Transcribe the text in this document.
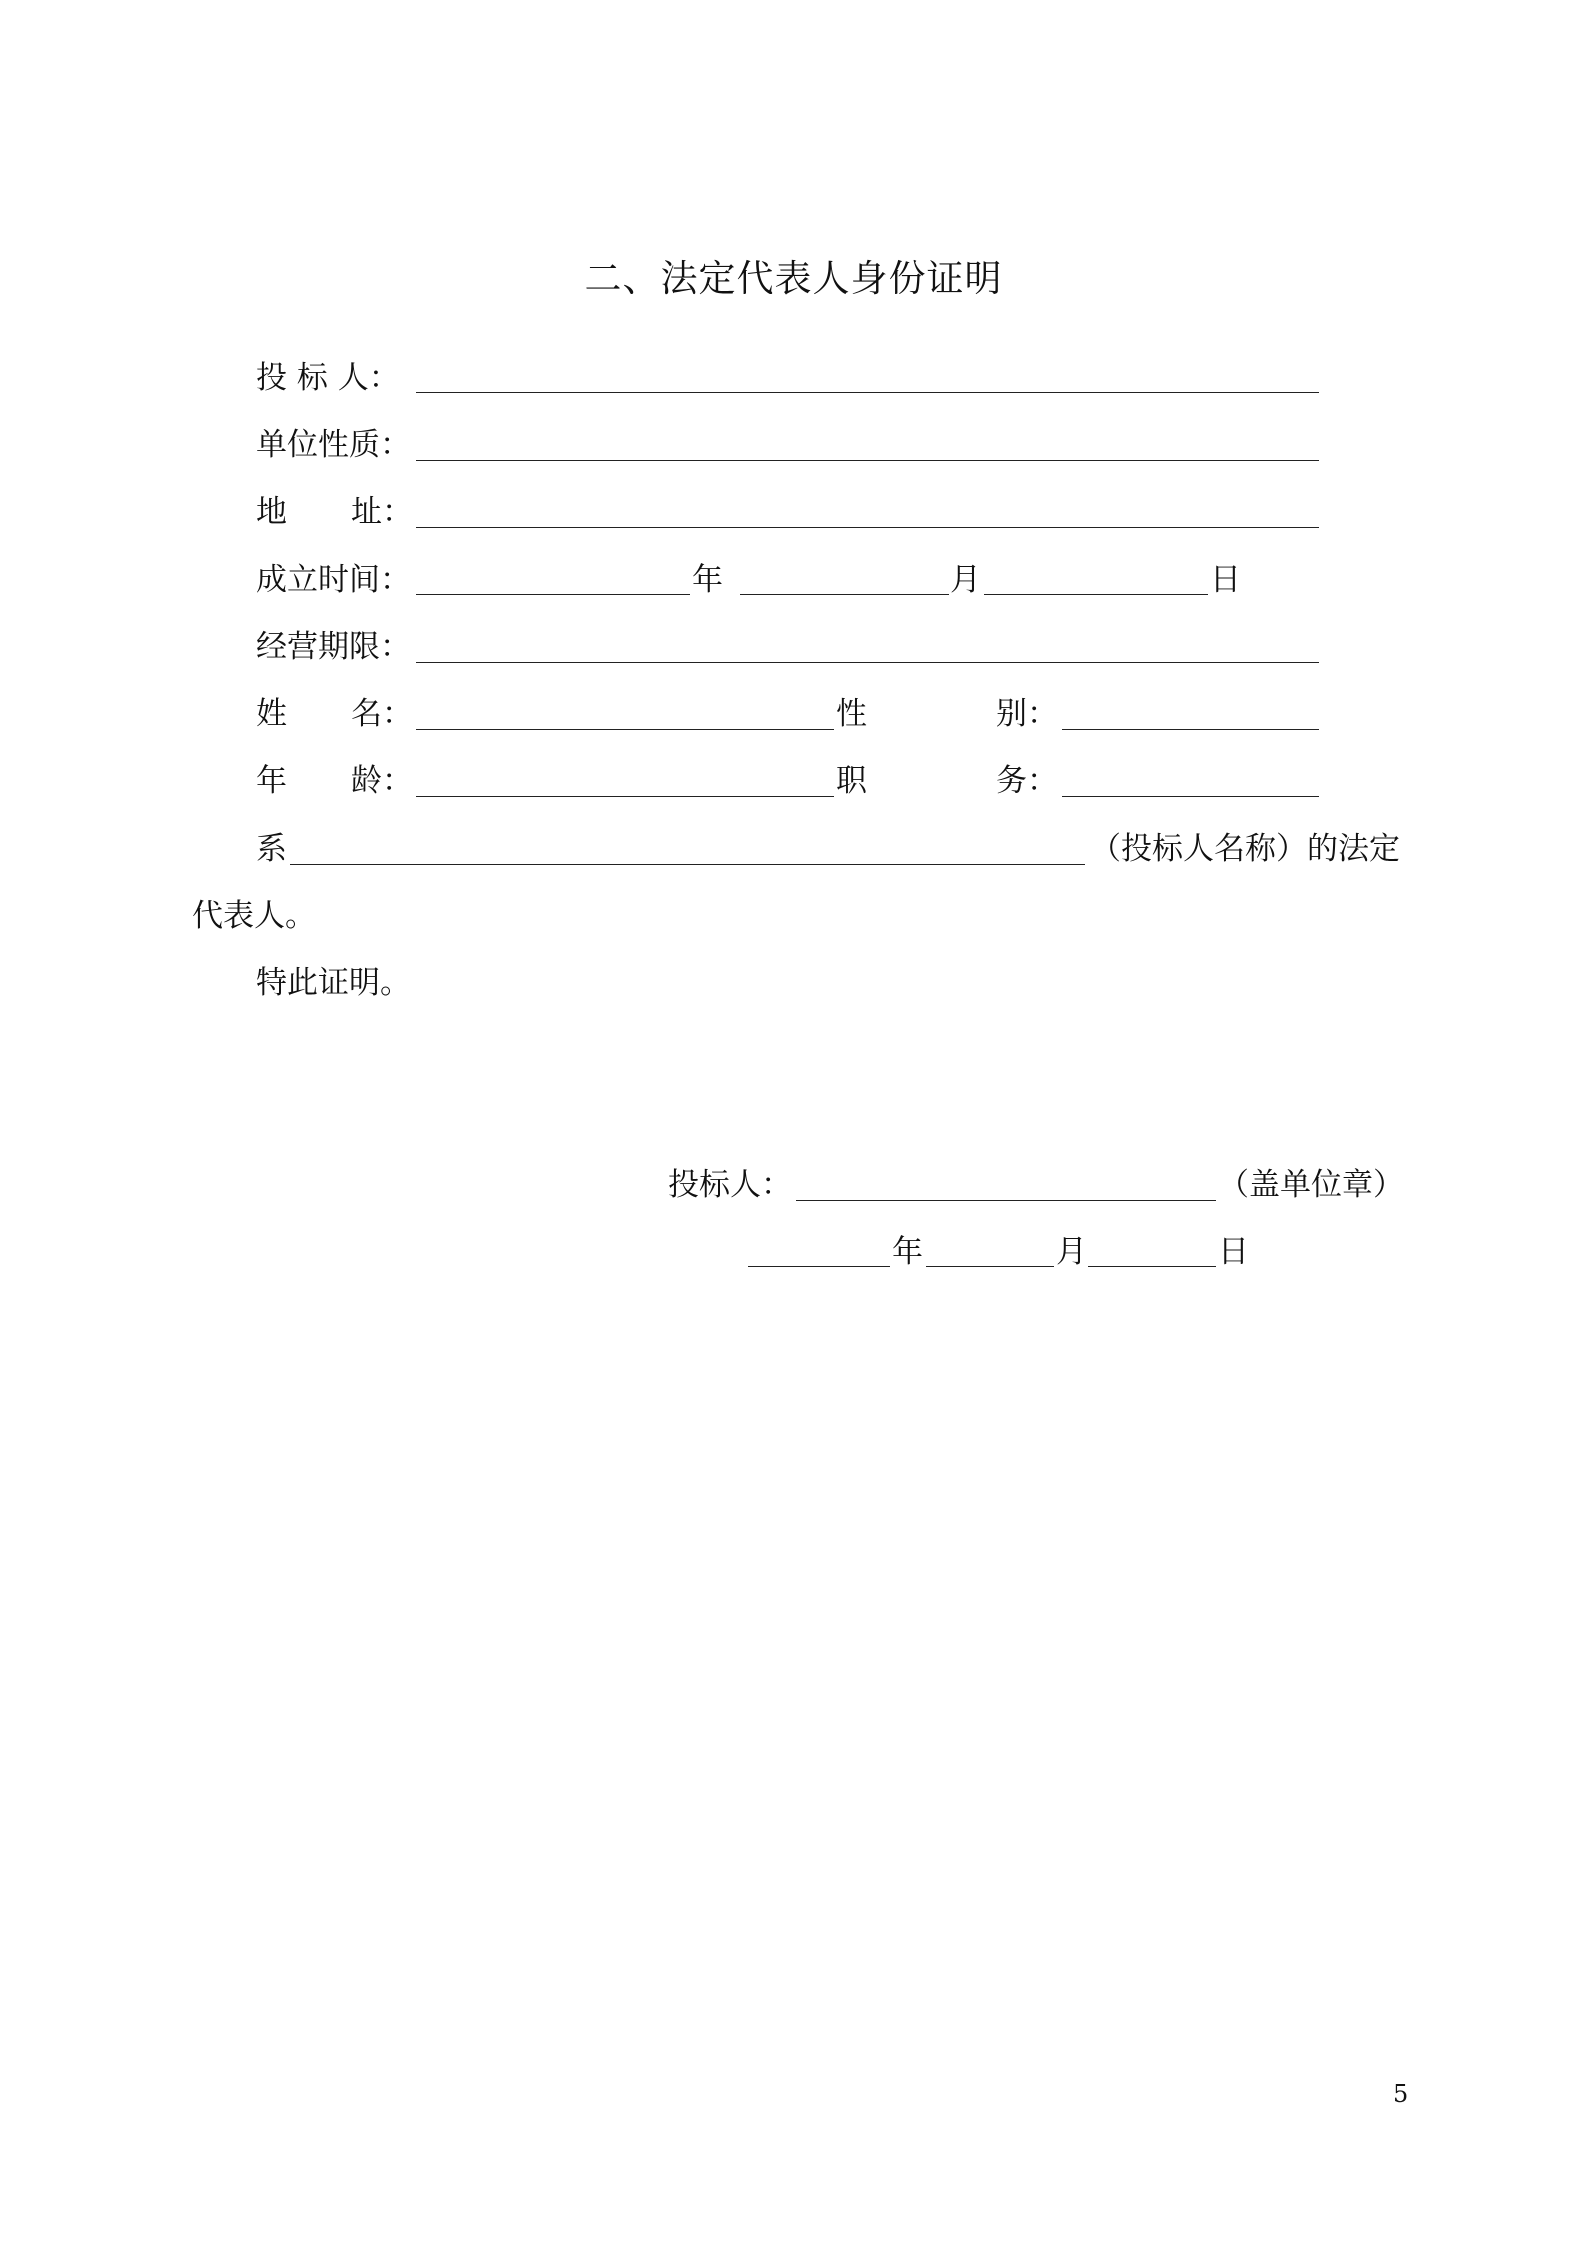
二、法定代表人身份证明
投 标 人：
单位性质：
地 址：
成立时间：	年	月	日
经营期限：
姓 名：	性	别：
年 龄：	职	务：
系	（投标人名称）的法定
代表人。
特此证明。
投标人：	（盖单位章）
年	月	日
5
